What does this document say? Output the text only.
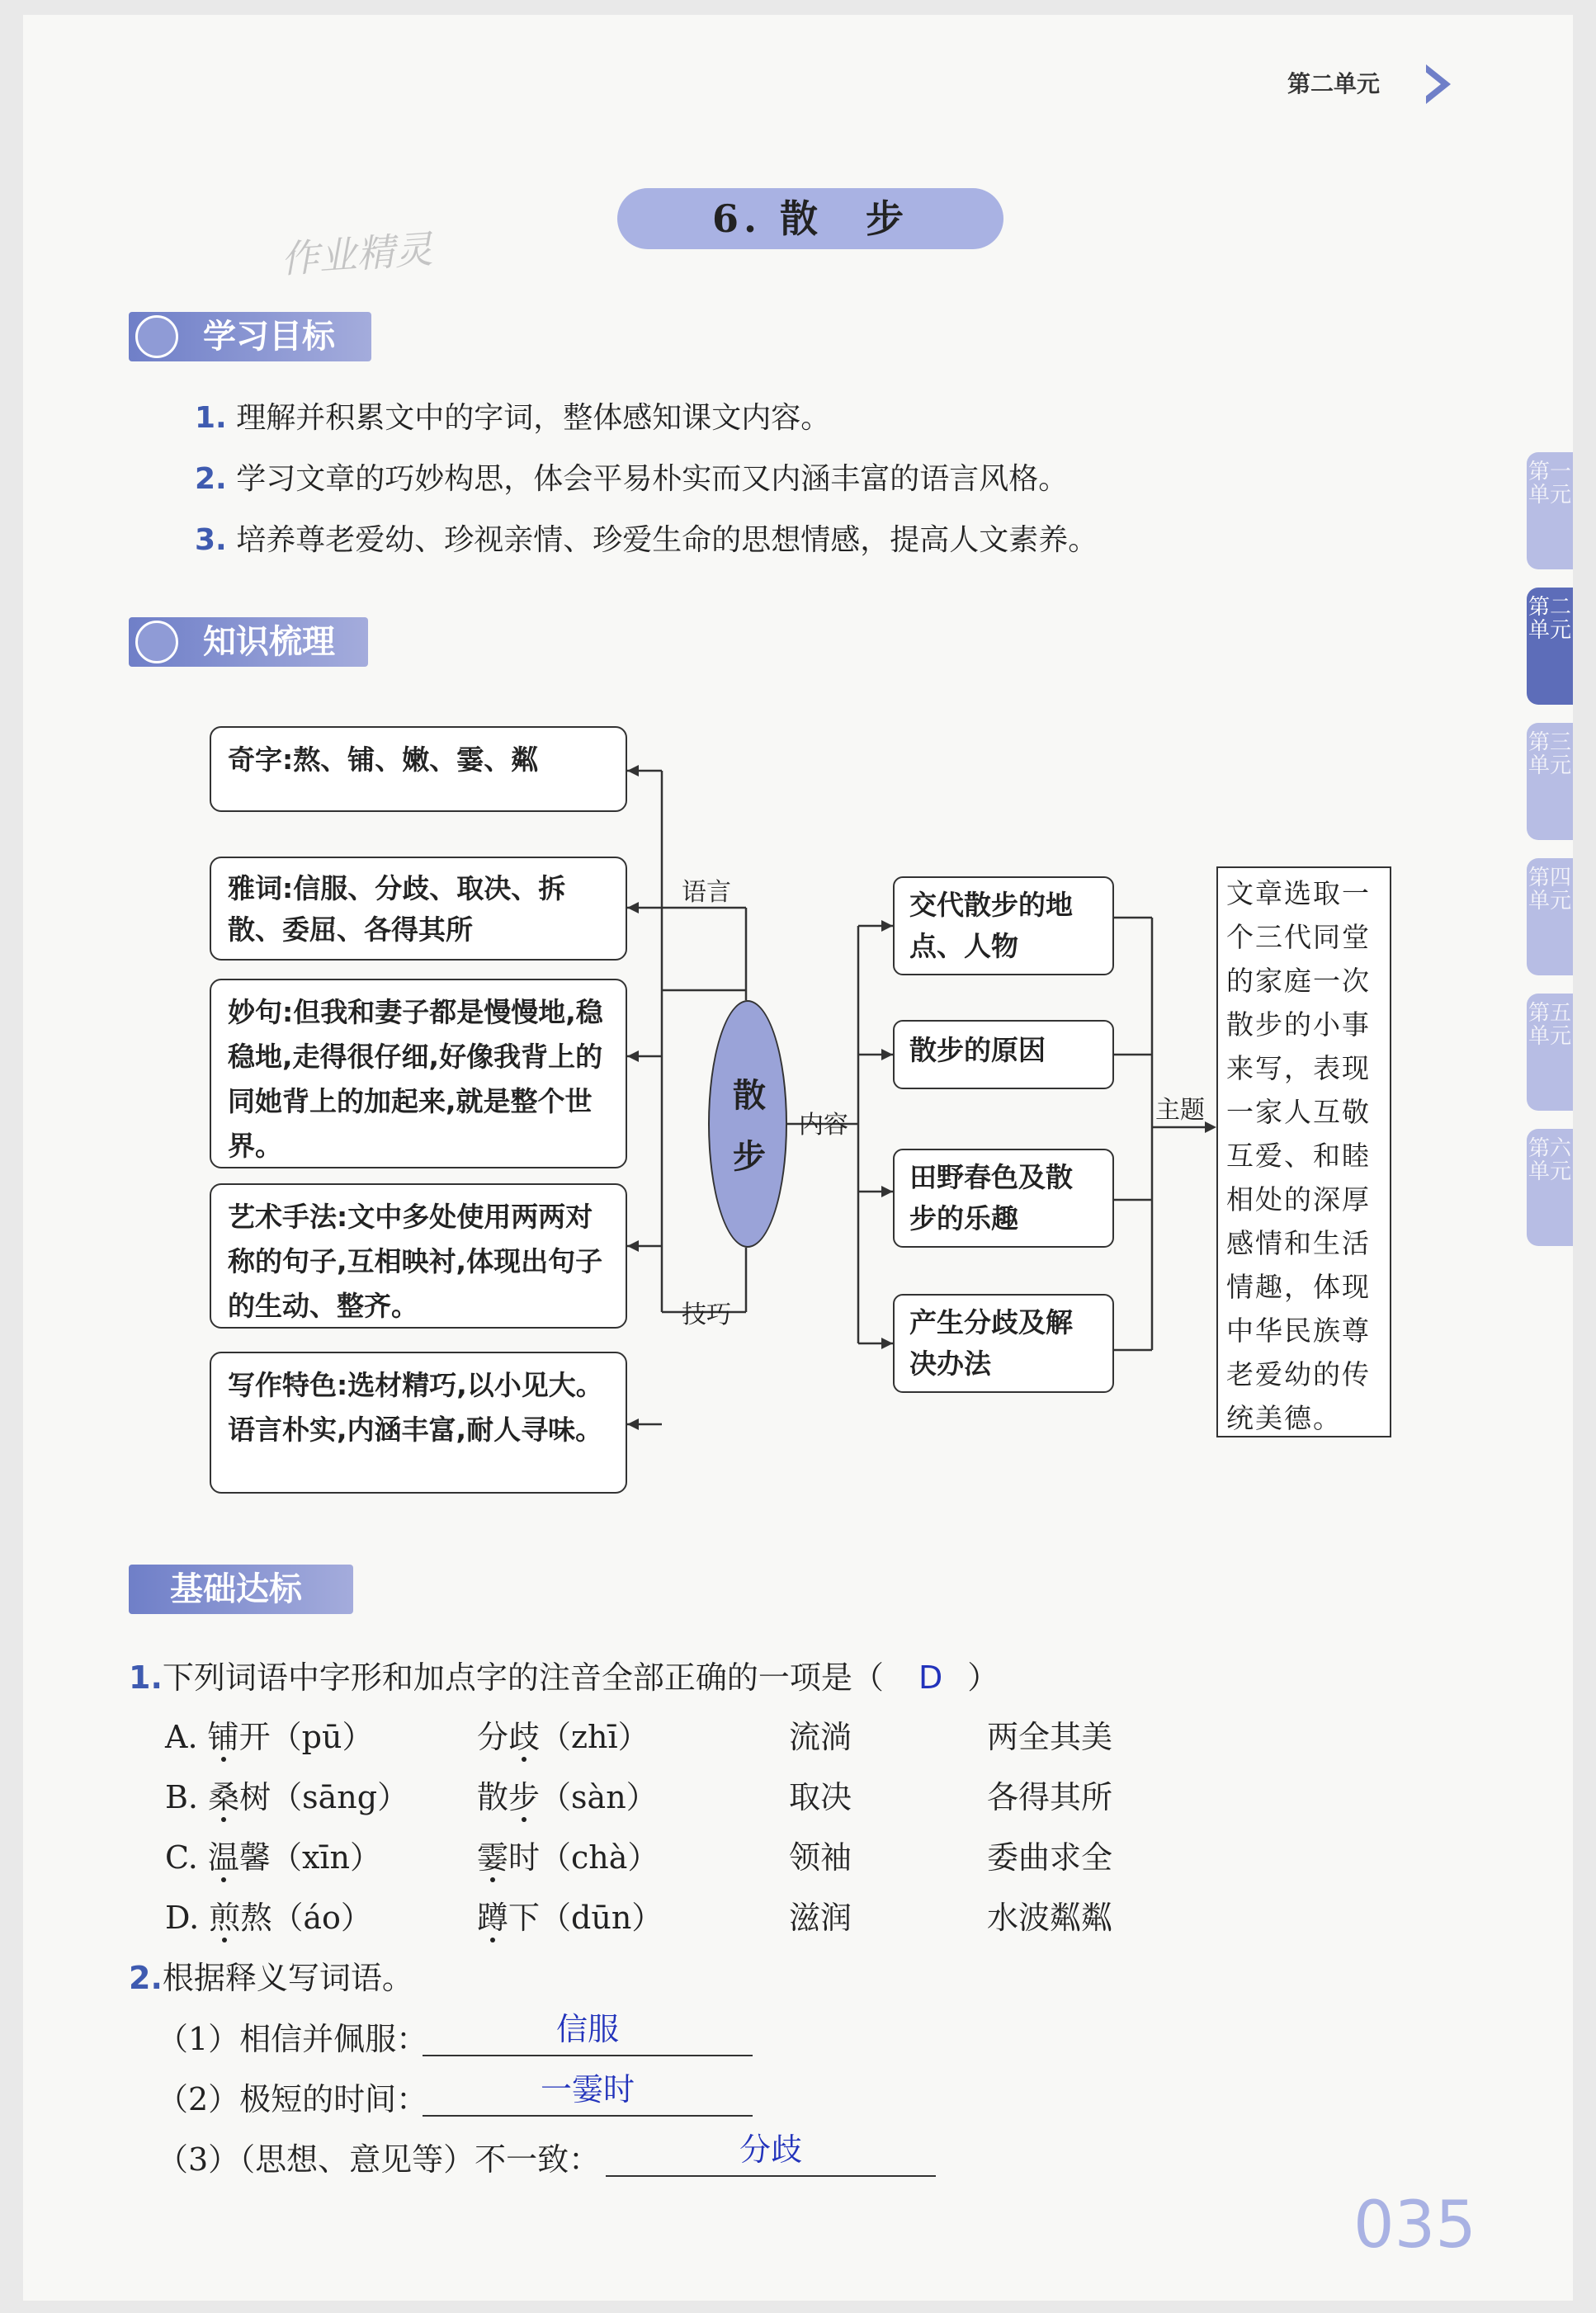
第二单元
作业精灵
6. 散　步
学习目标
1. 理解并积累文中的字词，整体感知课文内容。
2. 学习文章的巧妙构思，体会平易朴实而又内涵丰富的语言风格。
3. 培养尊老爱幼、珍视亲情、珍爱生命的思想情感，提高人文素养。
知识梳理
奇字:熬、铺、嫩、霎、粼
雅词:信服、分歧、取决、拆散、委屈、各得其所
妙句:但我和妻子都是慢慢地,稳稳地,走得很仔细,好像我背上的同她背上的加起来,就是整个世界。
艺术手法:文中多处使用两两对称的句子,互相映衬,体现出句子的生动、整齐。
写作特色:选材精巧,以小见大。语言朴实,内涵丰富,耐人寻味。
语言
技巧
内容
主题
散
步
交代散步的地点、人物
散步的原因
田野春色及散步的乐趣
产生分歧及解决办法
文章选取一个三代同堂的家庭一次散步的小事来写，表现一家人互敬互爱、和睦相处的深厚感情和生活情趣，体现中华民族尊老爱幼的传统美德。
基础达标
1.下列词语中字形和加点字的注音全部正确的一项是（ D ）
A. 铺开（pū）	分歧（zhī）	流淌	两全其美
B. 桑树（sāng） 散步（sàn）	取决	各得其所
C. 温馨（xīn）	霎时（chà）	领袖	委曲求全
D. 煎熬（áo）	蹲下（dūn）	滋润	水波粼粼
2.根据释义写词语。
（1）相信并佩服：	信服
（2）极短的时间：	一霎时
（3）（思想、意见等）不一致：	分歧
第一单元
第二单元
第三单元
第四单元
第五单元
第六单元
035
